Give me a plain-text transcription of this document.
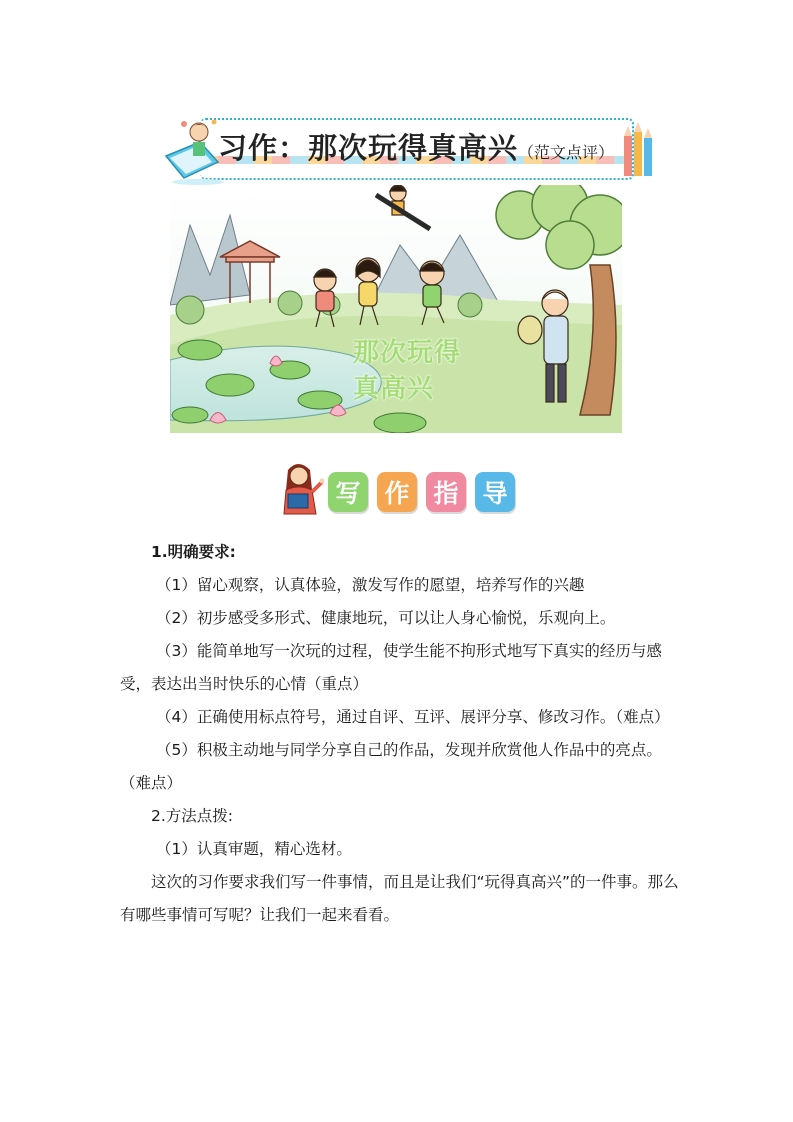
习作：那次玩得真高兴（范文点评）
那次玩得
真高兴
写 作 指 导

1.明确要求:

（1）留心观察，认真体验，激发写作的愿望，培养写作的兴趣

（2）初步感受多形式、健康地玩，可以让人身心愉悦，乐观向上。

（3）能简单地写一次玩的过程，使学生能不拘形式地写下真实的经历与感受，表达出当时快乐的心情（重点）

（4）正确使用标点符号，通过自评、互评、展评分享、修改习作。（难点）

（5）积极主动地与同学分享自己的作品，发现并欣赏他人作品中的亮点。（难点）

2.方法点拨:

（1）认真审题，精心选材。

这次的习作要求我们写一件事情，而且是让我们“玩得真高兴”的一件事。那么有哪些事情可写呢？让我们一起来看看。
